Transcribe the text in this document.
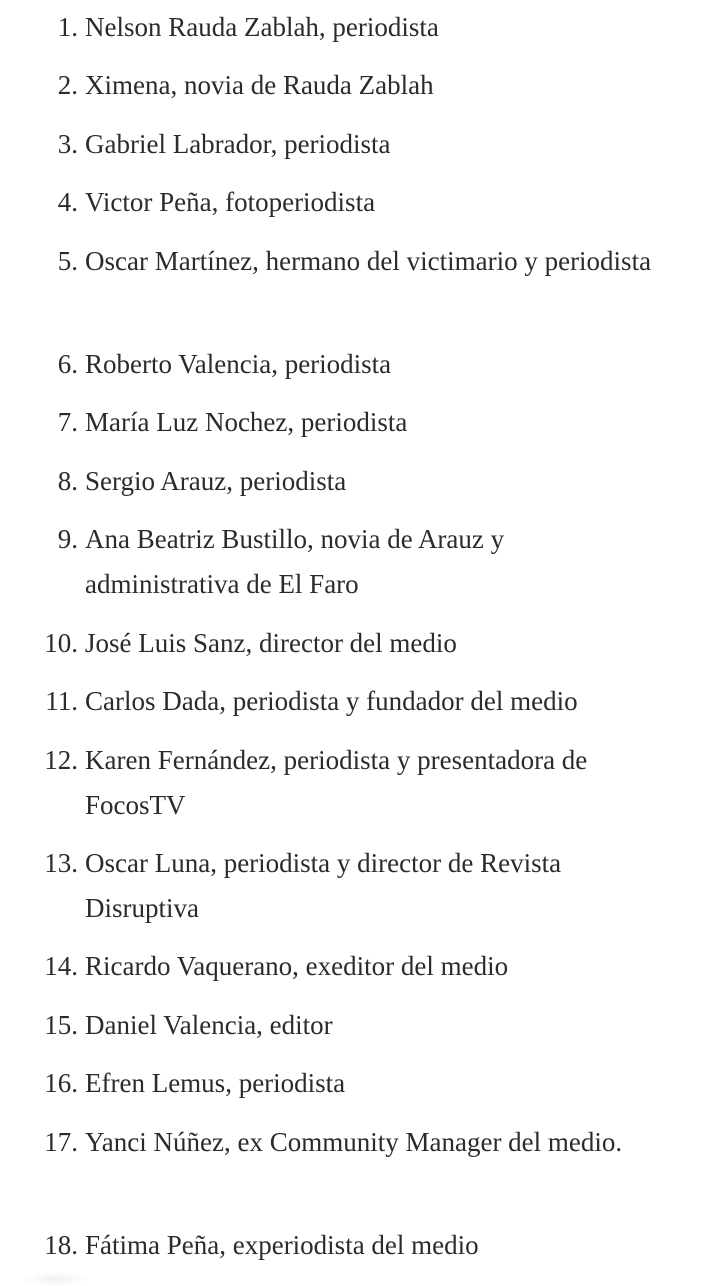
1. Nelson Rauda Zablah, periodista
2. Ximena, novia de Rauda Zablah
3. Gabriel Labrador, periodista
4. Victor Peña, fotoperiodista
5. Oscar Martínez, hermano del victimario y periodista
6. Roberto Valencia, periodista
7. María Luz Nochez, periodista
8. Sergio Arauz, periodista
9. Ana Beatriz Bustillo, novia de Arauz y administrativa de El Faro
10. José Luis Sanz, director del medio
11. Carlos Dada, periodista y fundador del medio
12. Karen Fernández, periodista y presentadora de FocosTV
13. Oscar Luna, periodista y director de Revista Disruptiva
14. Ricardo Vaquerano, exeditor del medio
15. Daniel Valencia, editor
16. Efren Lemus, periodista
17. Yanci Núñez, ex Community Manager del medio.
18. Fátima Peña, experiodista del medio
